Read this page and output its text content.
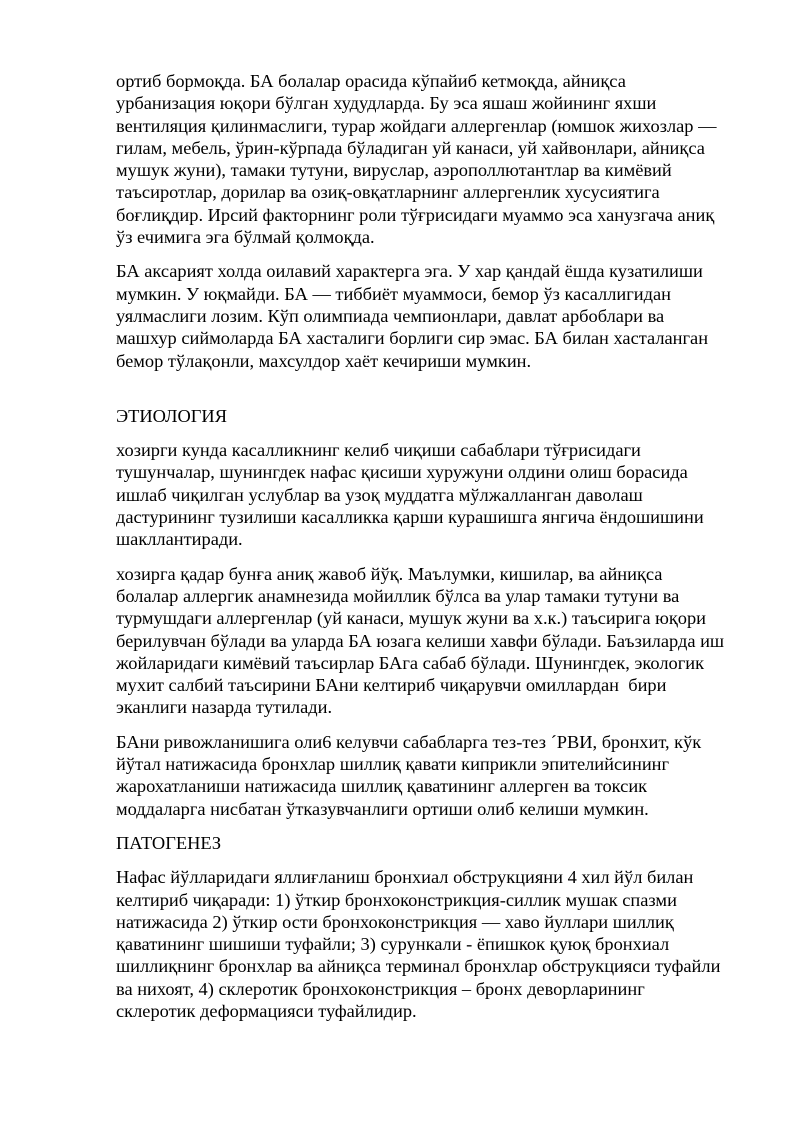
ортиб бормоқда. БА болалар орасида кўпайиб кетмоқда, айниқса
урбанизация юқори бўлган худудларда. Бу эса яшаш жойининг яхши
вентиляция қилинмаслиги, турар жойдаги аллергенлар (юмшок жихозлар —
гилам, мебель, ўрин-кўрпада бўладиган уй канаси, уй хайвонлари, айниқса
мушук жуни), тамаки тутуни, вируслар, аэрополлютантлар ва кимёвий
таъсиротлар, дорилар ва озиқ-овқатларнинг аллергенлик хусусиятига
боғлиқдир. Ирсий факторнинг роли тўғрисидаги муаммо эса ханузгача аниқ
ўз ечимига эга бўлмай қолмоқда.
БА аксарият холда оилавий характерга эга. У хар қандай ёшда кузатилиши
мумкин. У юқмайди. БА — тиббиёт муаммоси, бемор ўз касаллигидан
уялмаслиги лозим. Кўп олимпиада чемпионлари, давлат арбоблари ва
машхур сиймоларда БА хасталиги борлиги сир эмас. БА билан хасталанган
бемор тўлақонли, махсулдор хаёт кечириши мумкин.
ЭТИОЛОГИЯ
хозирги кунда касалликнинг келиб чиқиши сабаблари тўғрисидаги
тушунчалар, шунингдек нафас қисиши хуружуни олдини олиш борасида
ишлаб чиқилган услублар ва узоқ муддатга мўлжалланган даволаш
дастурининг тузилиши касалликка қарши курашишга янгича ёндошишини
шакллантиради.
хозирга қадар бунға аниқ жавоб йўқ. Маълумки, кишилар, ва айниқса
болалар аллергик анамнезида мойиллик бўлса ва улар тамаки тутуни ва
турмушдаги аллергенлар (уй канаси, мушук жуни ва х.к.) таъсирига юқори
берилувчан бўлади ва уларда БА юзага келиши хавфи бўлади. Баъзиларда иш
жойларидаги кимёвий таъсирлар БАга сабаб бўлади. Шунингдек, экологик
мухит салбий таъсирини БАни келтириб чиқарувчи омиллардан  бири
эканлиги назарда тутилади.
БАни ривожланишига оли6 келувчи сабабларга тез-тез ´РВИ, бронхит, кўк
йўтал натижасида бронхлар шиллиқ қавати киприкли эпителийсининг
жарохатланиши натижасида шиллиқ қаватининг аллерген ва токсик
моддаларга нисбатан ўтказувчанлиги ортиши олиб келиши мумкин.
ПАТОГЕНЕЗ
Нафас йўлларидаги яллиғланиш бронхиал обструкцияни 4 хил йўл билан
келтириб чиқаради: 1) ўткир бронхоконстрикция-силлик мушак спазми
натижасида 2) ўткир ости бронхоконстрикция — хаво йуллари шиллиқ
қаватининг шишиши туфайли; 3) сурункали - ёпишкок қуюқ бронхиал
шиллиқнинг бронхлар ва айниқса терминал бронхлар обструкцияси туфайли
ва нихоят, 4) склеротик бронхоконстрикция – бронх деворларининг
склеротик деформацияси туфайлидир.
